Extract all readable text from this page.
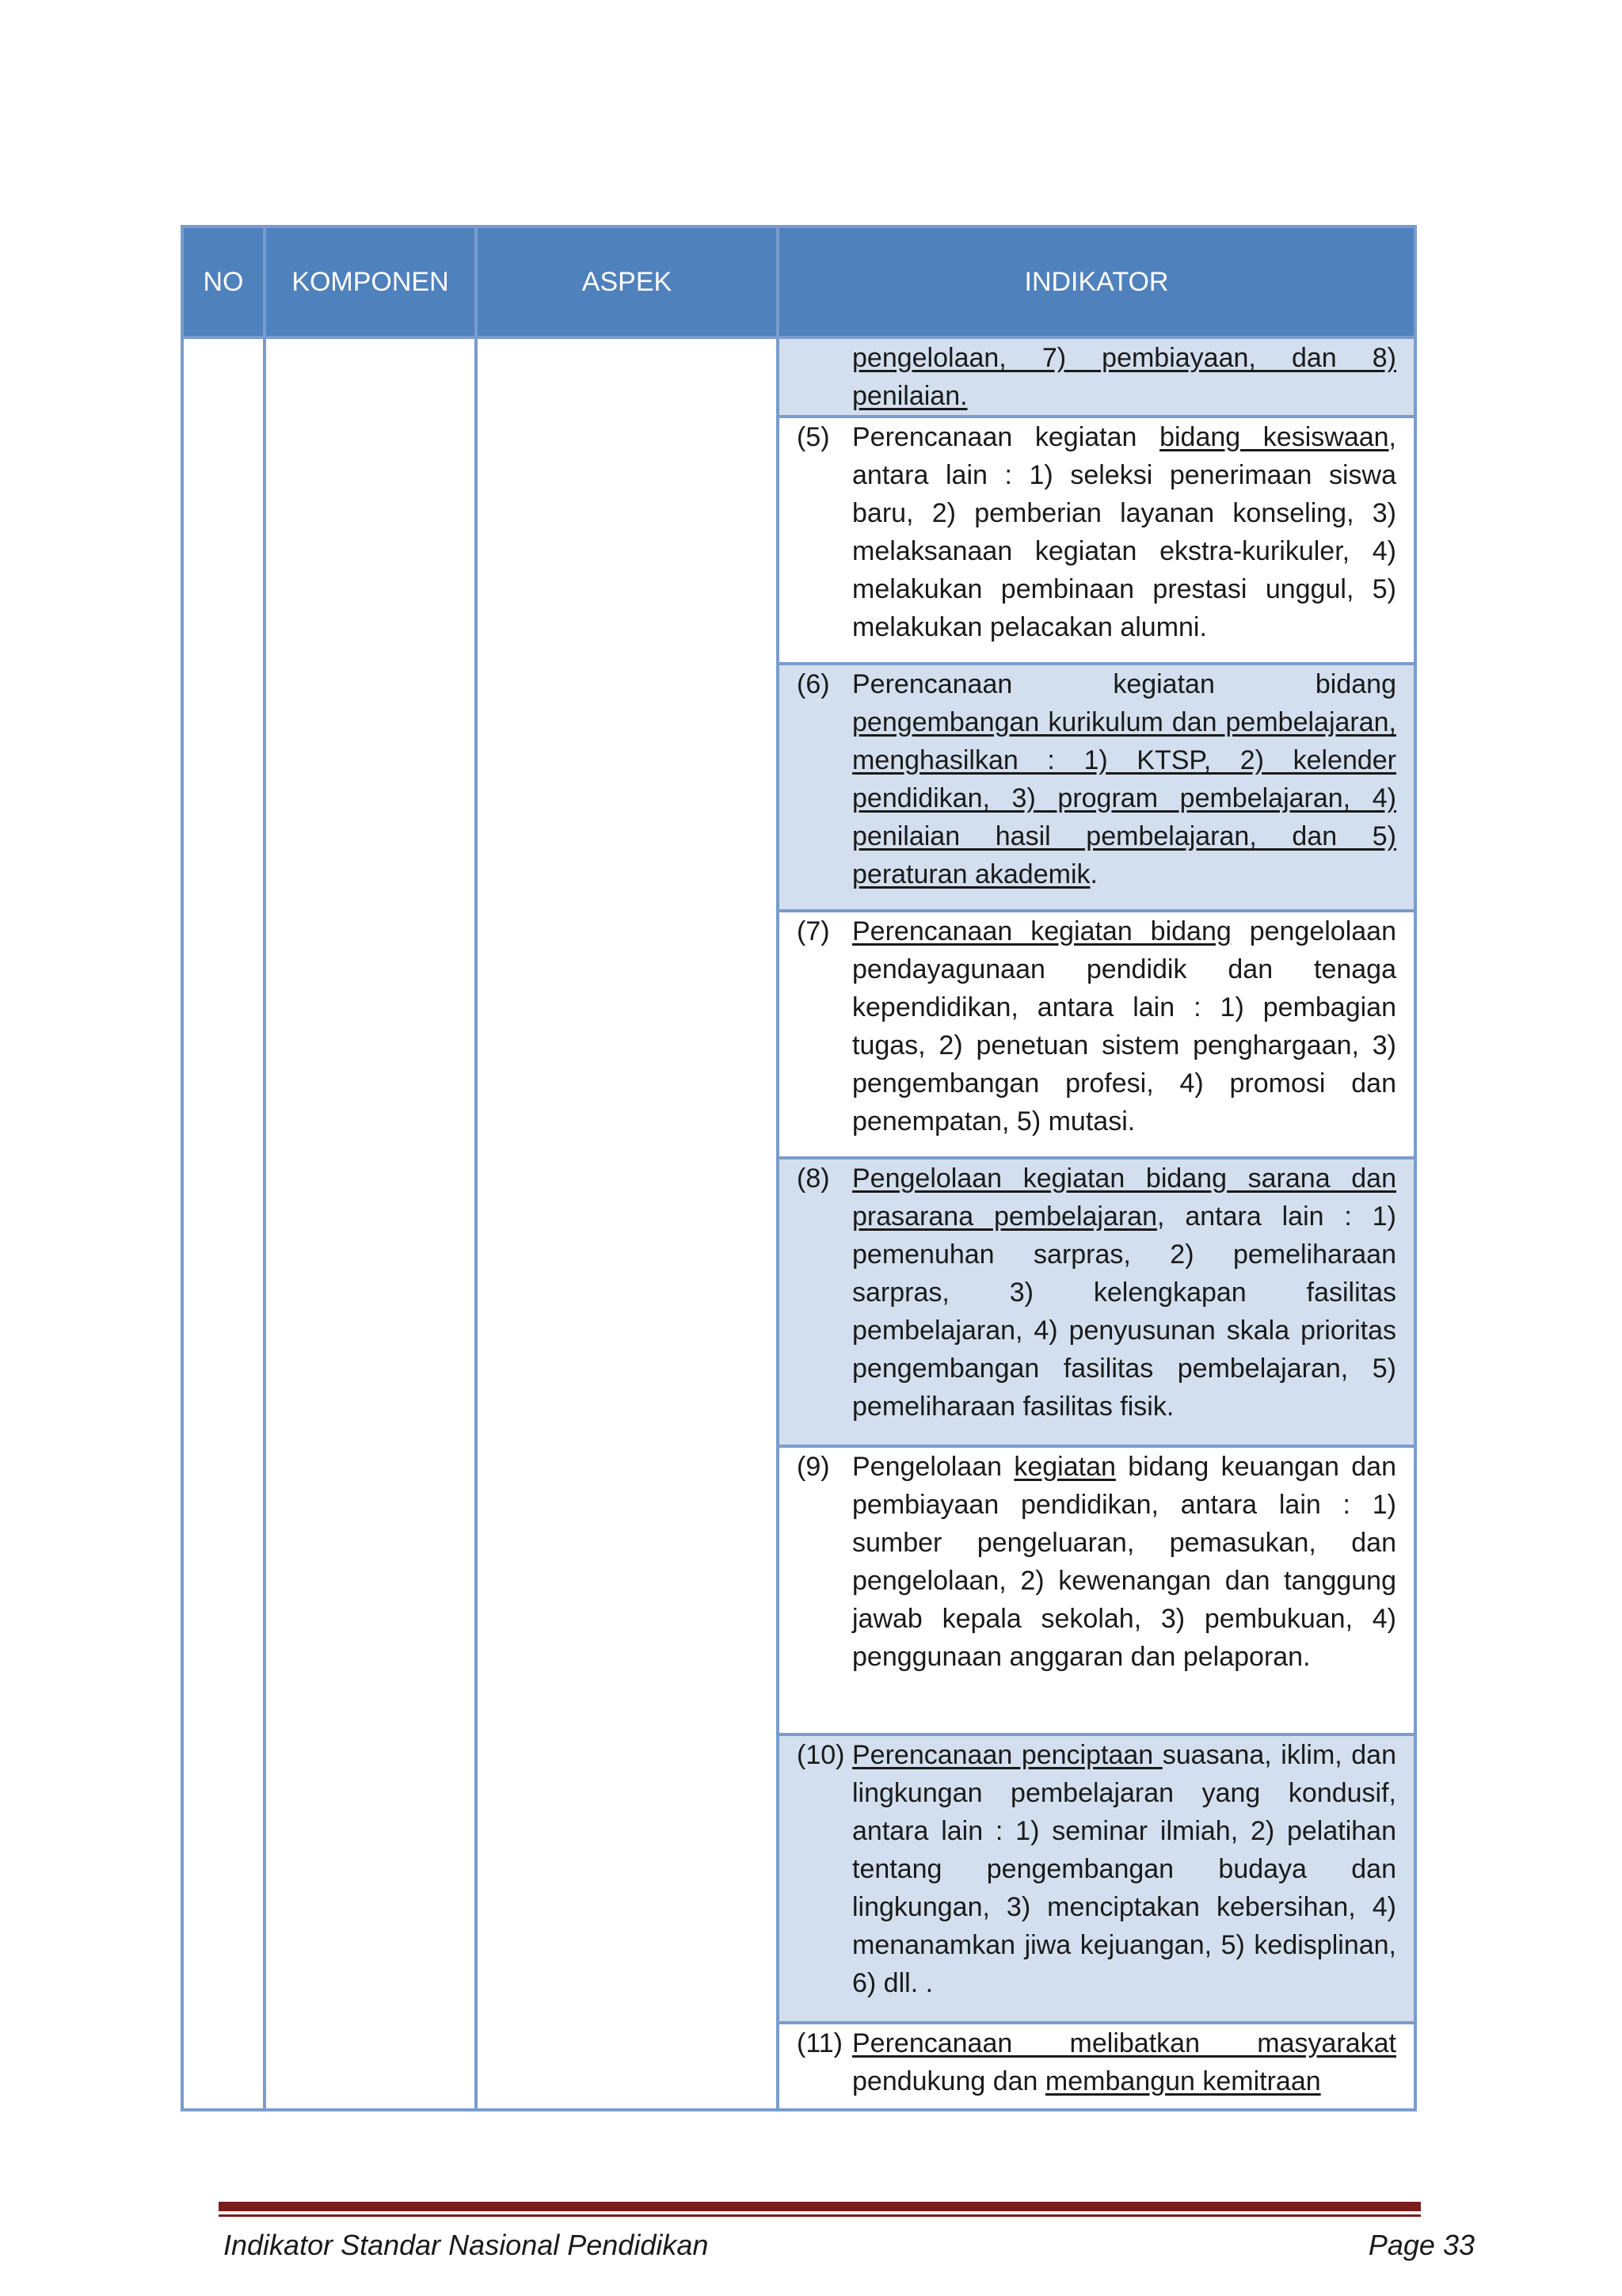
NO	KOMPONEN	ASPEK	INDIKATOR

			pengelolaan, 7) pembiayaan, dan 8) penilaian.

			(5) Perencanaan kegiatan bidang kesiswaan, antara lain : 1) seleksi penerimaan siswa baru, 2) pemberian layanan konseling, 3) melaksanaan kegiatan ekstra-kurikuler, 4) melakukan pembinaan prestasi unggul, 5) melakukan pelacakan alumni.

			(6) Perencanaan kegiatan bidang pengembangan kurikulum dan pembelajaran, menghasilkan : 1) KTSP, 2) kelender pendidikan, 3) program pembelajaran, 4) penilaian hasil pembelajaran, dan 5) peraturan akademik.

			(7) Perencanaan kegiatan bidang pengelolaan pendayagunaan pendidik dan tenaga kependidikan, antara lain : 1) pembagian tugas, 2) penetuan sistem penghargaan, 3) pengembangan profesi, 4) promosi dan penempatan, 5) mutasi.

			(8) Pengelolaan kegiatan bidang sarana dan prasarana pembelajaran, antara lain : 1) pemenuhan sarpras, 2) pemeliharaan sarpras, 3) kelengkapan fasilitas pembelajaran, 4) penyusunan skala prioritas pengembangan fasilitas pembelajaran, 5) pemeliharaan fasilitas fisik.

			(9) Pengelolaan kegiatan bidang keuangan dan pembiayaan pendidikan, antara lain : 1) sumber pengeluaran, pemasukan, dan pengelolaan, 2) kewenangan dan tanggung jawab kepala sekolah, 3) pembukuan, 4) penggunaan anggaran dan pelaporan.

			(10) Perencanaan penciptaan suasana, iklim, dan lingkungan pembelajaran yang kondusif, antara lain : 1) seminar ilmiah, 2) pelatihan tentang pengembangan budaya dan lingkungan, 3) menciptakan kebersihan, 4) menanamkan jiwa kejuangan, 5) kedisplinan, 6) dll. .

			(11) Perencanaan melibatkan masyarakat pendukung dan membangun kemitraan
Indikator Standar Nasional Pendidikan	Page 33
